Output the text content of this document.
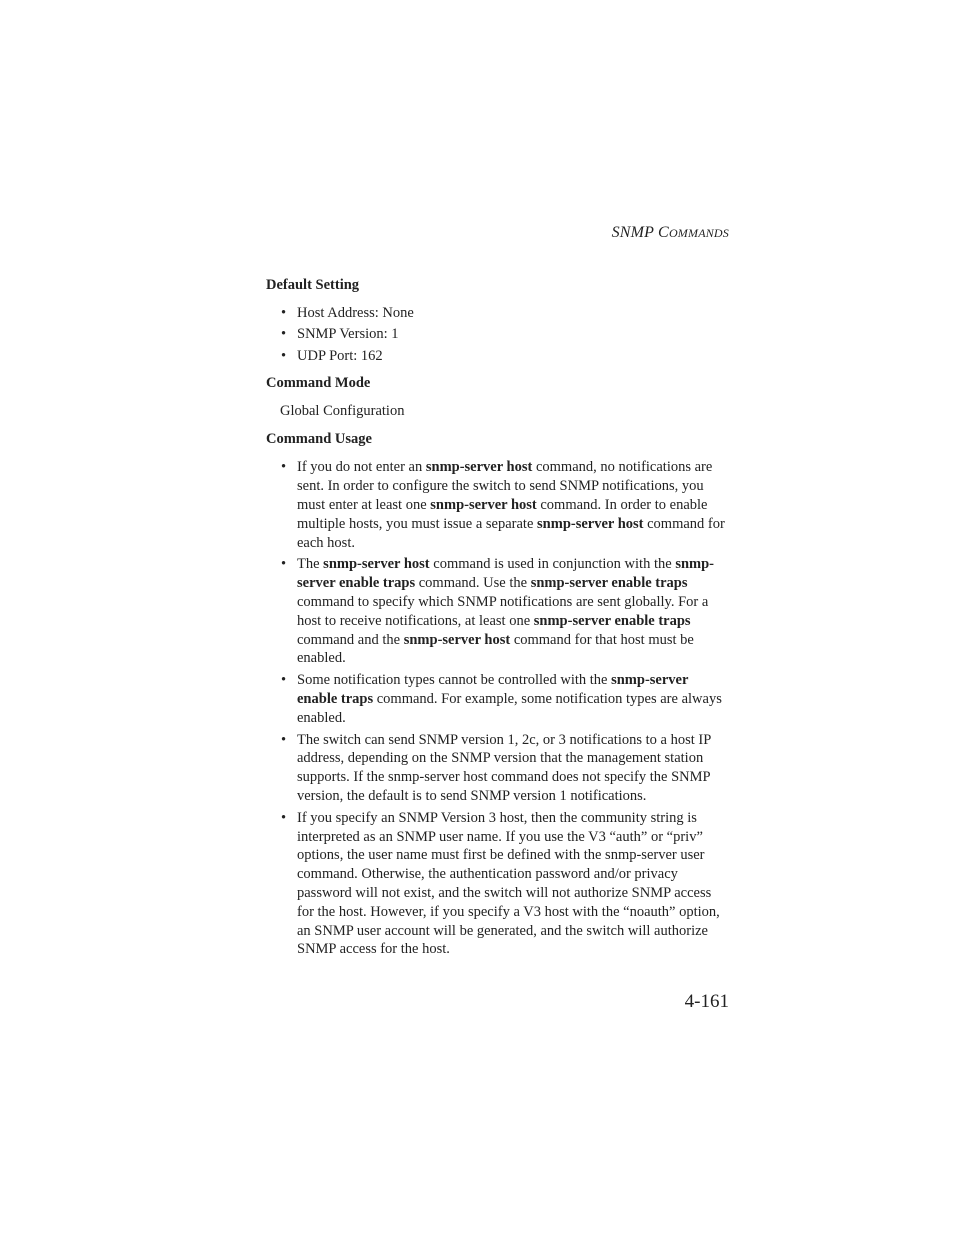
SNMP COMMANDS
Default Setting
• Host Address: None
• SNMP Version: 1
• UDP Port: 162
Command Mode
Global Configuration
Command Usage
• If you do not enter an snmp-server host command, no notifications are sent. In order to configure the switch to send SNMP notifications, you must enter at least one snmp-server host command. In order to enable multiple hosts, you must issue a separate snmp-server host command for each host.
• The snmp-server host command is used in conjunction with the snmp-server enable traps command. Use the snmp-server enable traps command to specify which SNMP notifications are sent globally. For a host to receive notifications, at least one snmp-server enable traps command and the snmp-server host command for that host must be enabled.
• Some notification types cannot be controlled with the snmp-server enable traps command. For example, some notification types are always enabled.
• The switch can send SNMP version 1, 2c, or 3 notifications to a host IP address, depending on the SNMP version that the management station supports. If the snmp-server host command does not specify the SNMP version, the default is to send SNMP version 1 notifications.
• If you specify an SNMP Version 3 host, then the community string is interpreted as an SNMP user name. If you use the V3 “auth” or “priv” options, the user name must first be defined with the snmp-server user command. Otherwise, the authentication password and/or privacy password will not exist, and the switch will not authorize SNMP access for the host. However, if you specify a V3 host with the “noauth” option, an SNMP user account will be generated, and the switch will authorize SNMP access for the host.
4-161
